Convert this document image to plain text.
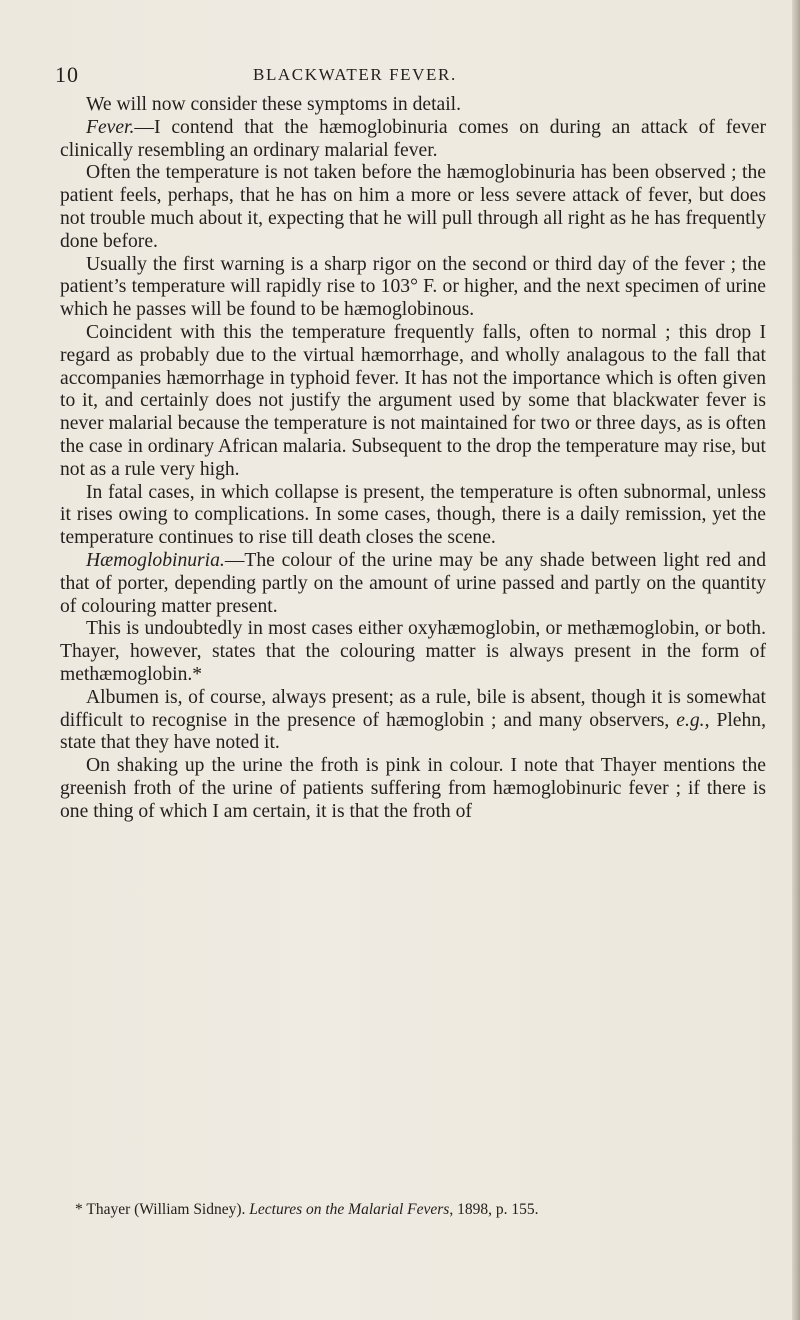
10	BLACKWATER FEVER.

We will now consider these symptoms in detail.

Fever.—I contend that the hæmoglobinuria comes on during an attack of fever clinically resembling an ordinary malarial fever.

Often the temperature is not taken before the hæmoglobinuria has been observed ; the patient feels, perhaps, that he has on him a more or less severe attack of fever, but does not trouble much about it, expecting that he will pull through all right as he has frequently done before.

Usually the first warning is a sharp rigor on the second or third day of the fever ; the patient’s temperature will rapidly rise to 103° F. or higher, and the next specimen of urine which he passes will be found to be hæmoglobinous.

Coincident with this the temperature frequently falls, often to normal ; this drop I regard as probably due to the virtual hæmorrhage, and wholly analagous to the fall that accompanies hæmorrhage in typhoid fever. It has not the importance which is often given to it, and certainly does not justify the argument used by some that blackwater fever is never malarial because the temperature is not maintained for two or three days, as is often the case in ordinary African malaria. Subsequent to the drop the temperature may rise, but not as a rule very high.

In fatal cases, in which collapse is present, the temperature is often subnormal, unless it rises owing to complications. In some cases, though, there is a daily remission, yet the temperature continues to rise till death closes the scene.

Hæmoglobinuria.—The colour of the urine may be any shade between light red and that of porter, depending partly on the amount of urine passed and partly on the quantity of colouring matter present.

This is undoubtedly in most cases either oxyhæmoglobin, or methæmoglobin, or both. Thayer, however, states that the colouring matter is always present in the form of methæmoglobin.*

Albumen is, of course, always present; as a rule, bile is absent, though it is somewhat difficult to recognise in the presence of hæmoglobin ; and many observers, e.g., Plehn, state that they have noted it.

On shaking up the urine the froth is pink in colour. I note that Thayer mentions the greenish froth of the urine of patients suffering from hæmoglobinuric fever ; if there is one thing of which I am certain, it is that the froth of

* Thayer (William Sidney). Lectures on the Malarial Fevers, 1898, p. 155.
